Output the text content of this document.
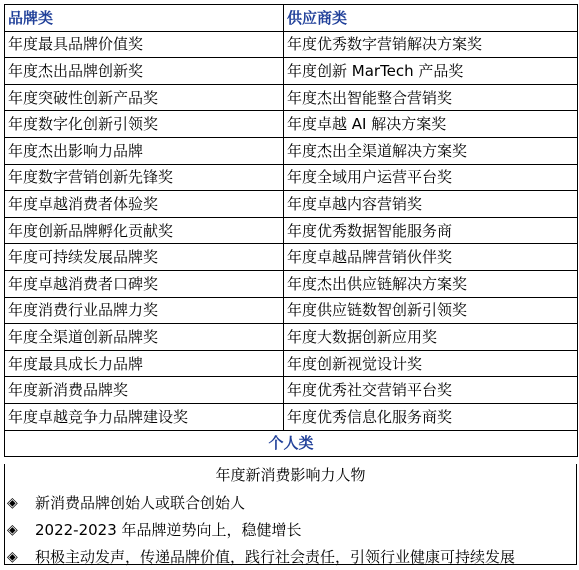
品牌类	供应商类
年度最具品牌价值奖	年度优秀数字营销解决方案奖
年度杰出品牌创新奖	年度创新 MarTech 产品奖
年度突破性创新产品奖	年度杰出智能整合营销奖
年度数字化创新引领奖	年度卓越 AI 解决方案奖
年度杰出影响力品牌	年度杰出全渠道解决方案奖
年度数字营销创新先锋奖	年度全域用户运营平台奖
年度卓越消费者体验奖	年度卓越内容营销奖
年度创新品牌孵化贡献奖	年度优秀数据智能服务商
年度可持续发展品牌奖	年度卓越品牌营销伙伴奖
年度卓越消费者口碑奖	年度杰出供应链解决方案奖
年度消费行业品牌力奖	年度供应链数智创新引领奖
年度全渠道创新品牌奖	年度大数据创新应用奖
年度最具成长力品牌	年度创新视觉设计奖
年度新消费品牌奖	年度优秀社交营销平台奖
年度卓越竞争力品牌建设奖	年度优秀信息化服务商奖
个人类	
年度新消费影响力人物
◈	新消费品牌创始人或联合创始人
◈	2022-2023 年品牌逆势向上，稳健增长
◈	积极主动发声，传递品牌价值，践行社会责任，引领行业健康可持续发展
